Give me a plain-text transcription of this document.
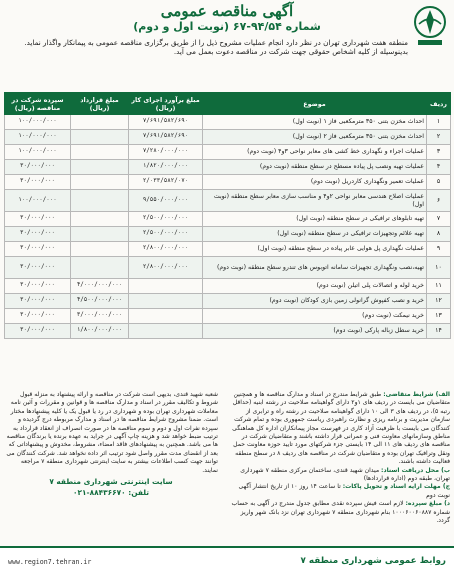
آگهی مناقصه عمومی
شماره ۹۴/۵۴-۶۷ (نوبت اول و دوم)
منطقه هفت شهرداری تهران در نظر دارد انجام عملیات مشروح ذیل را از طریق برگزاری مناقصه عمومی به پیمانکار واگذار نماید. بدینوسیله از کلیه اشخاص حقوقی جهت شرکت در مناقصه دعوت بعمل می آید.
ردیف	موضوع	مبلغ برآورد اجرای کار (ریال)	مبلغ قرارداد (ریال)	سپرده شرکت در مناقصه (ریال)
۱	احداث مخزن بتنی ۳۵۰ مترمکعبی فاز ۱ (نوبت اول)	۷/۶۹۱/۵۸۲/۶۹۰		۱۰۰/۰۰۰/۰۰۰
۲	احداث مخزن بتنی ۳۵۰ مترمکعبی فاز ۲ (نوبت اول)	۷/۶۹۱/۵۸۲/۶۹۰		۱۰۰/۰۰۰/۰۰۰
۳	عملیات اجراء و نگهداری خط کشی های معابر نواحی ۳و۴ (نوبت دوم)	۷/۲۸۰/۰۰۰/۰۰۰		۱۰۰/۰۰۰/۰۰۰
۴	عملیات تهیه ونصب پل پیاده مسطح در سطح منطقه (نوبت دوم)	۱/۸۲۰/۰۰۰/۰۰۰		۳۰/۰۰۰/۰۰۰
۵	عملیات تعمیر ونگهداری کاردریل (نوبت دوم)	۲/۰۳۳/۵۸۲/۰۷۰		۳۰/۰۰۰/۰۰۰
۶	عملیات اصلاح هندسی معابر نواحی ۲و۴ و مناسب سازی معابر سطح منطقه (نوبت اول)	۹/۵۵۰/۰۰۰/۰۰۰		۱۰۰/۰۰۰/۰۰۰
۷	تهیه تابلوهای ترافیکی در سطح منطقه (نوبت اول)	۲/۵۰۰/۰۰۰/۰۰۰		۳۰/۰۰۰/۰۰۰
۸	تهیه علائم وتجهیزات ترافیکی در سطح منطقه (نوبت اول)	۲/۵۰۰/۰۰۰/۰۰۰		۳۰/۰۰۰/۰۰۰
۹	عملیات نگهداری پل هوایی عابر پیاده در سطح منطقه (نوبت اول)	۲/۸۰۰/۰۰۰/۰۰۰		۳۰/۰۰۰/۰۰۰
۱۰	تهیه،نصب ونگهداری تجهیزات سامانه اتوبوس های تندرو سطح منطقه (نوبت دوم)	۲/۸۰۰/۰۰۰/۰۰۰		۳۰/۰۰۰/۰۰۰
۱۱	خرید لوله و اتصالات پلی اتیلن (نوبت دوم)		۴/۰۰۰/۰۰۰/۰۰۰	۳۰/۰۰۰/۰۰۰
۱۲	خرید و نصب کفپوش گرانولی زمین بازی کودکان (نوبت دوم)		۴/۵۰۰/۰۰۰/۰۰۰	۳۰/۰۰۰/۰۰۰
۱۳	خرید نیمکت (نوبت دوم)		۳/۰۰۰/۰۰۰/۰۰۰	۳۰/۰۰۰/۰۰۰
۱۴	خرید سطل زباله پارکی (نوبت دوم)		۱/۸۰۰/۰۰۰/۰۰۰	۳۰/۰۰۰/۰۰۰

الف) شرایط متقاضی: طبق شرایط مندرج در اسناد و مدارک مناقصه ها و همچنین متقاضیان می بایست در ردیف های ۱و۲ دارای گواهینامه صلاحیت در رشته ابنیه (حداقل رتبه ۵)، در ردیف های ۳ الی ۱۰ دارای گواهینامه صلاحیت در رشته راه و ترابری از سازمان مدیریت و برنامه ریزی و نظارت راهبردی ریاست جمهوری بوده و تمام شرکت کنندگان می بایست با ظرفیت آزاد کاری در فهرست مجاز پیمانکاران اداره کل هماهنگی مناطق وسازمانهای معاونت فنی و عمرانی قرار داشته باشند و متقاضیان شرکت در مناقصه های ردیف های ۱۱ الی ۱۴ بایستی جزء شرکتهای مورد تایید حوزه معاونت حمل ونقل وترافیک تهران بوده و متقاضیان شرکت در مناقصه های ردیف ۸ در سطح منطقه فعالیت داشته باشند.

ب) محل دریافت اسناد: میدان شهید قندی، ساختمان مرکزی منطقه ۷ شهرداری تهران، طبقه دوم (اداره قراردادها)

ج) مهلت ارایه اسناد و تحویل پاکات: تا ساعت ۱۴ روز ۱۰ از تاریخ انتشار آگهی نوبت دوم

د) مبلغ سپرده: لازم است فیش سپرده نقدی مطابق جدول مندرج در آگهی به حساب شماره ۱۰۰۰۶۰۰۶۰۸۸۷ بنام شهرداری منطقه ۷ شهرداری تهران نزد بانک شهر واریز گردد.

شعبه شهید قندی، بدیهی است شرکت در مناقصه و ارائه پیشنهاد به منزله قبول شروط و تکالیف مقرر در اسناد و مدارک مناقصه ها و قوانین و مقررات و آئین نامه معاملات شهرداری تهران بوده و شهرداری در رد یا قبول یک یا کلیه پیشنهادها مختار است. ضمنا مشروح شرایط مناقصه ها در اسناد و مدارک مربوطه درج گردیده و سپرده نفرات اول و دوم و سوم مناقصه ها در صورت انصراف از انعقاد قرارداد به ترتیب ضبط خواهد شد و هزینه چاپ آگهی در جراید به عهده برنده یا برندگان مناقصه ها می باشد. همچنین به پیشنهادهای فاقد امضاء، مشروط، مخدوش و پیشنهاداتی که بعد از انقضای مدت مقرر واصل شود ترتیب اثر داده نخواهد شد. شرکت کنندگان می توانند جهت کسب اطلاعات بیشتر به سایت اینترنتی شهرداری منطقه ۷ مراجعه نمایند.

سایت اینترنتی شهرداری منطقه ۷

تلفن: ۸۸۴۳۶۶۷۰-۰۲۱

روابط عمومی شهرداری منطقه ۷
www.region7.tehran.ir
